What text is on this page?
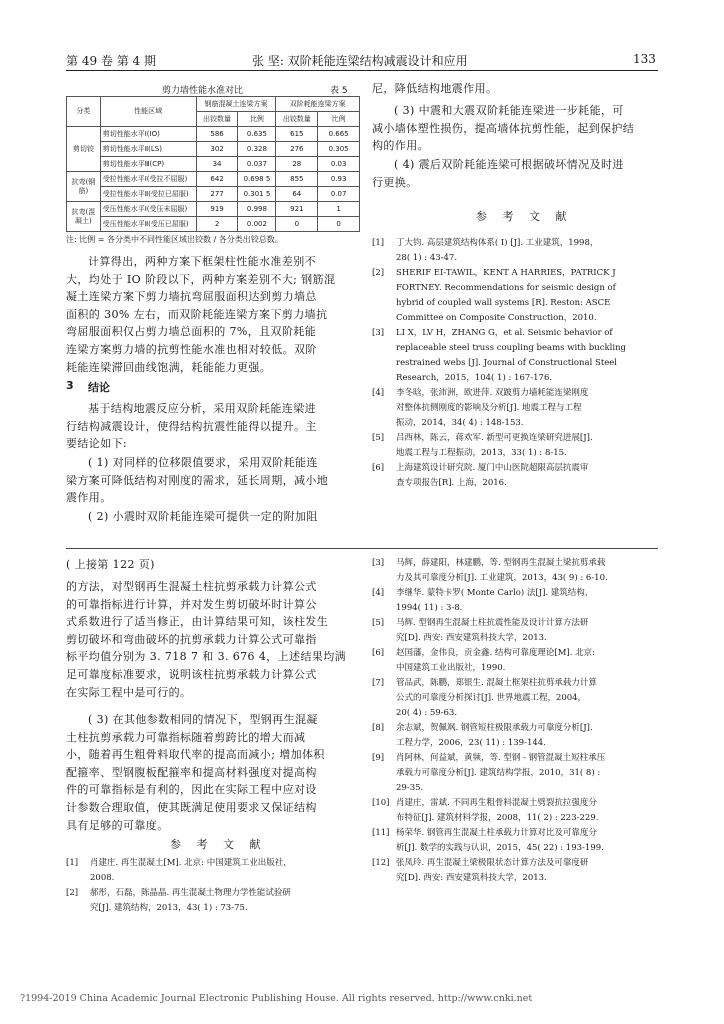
第 49 卷 第 4 期	张 坚: 双阶耗能连梁结构减震设计和应用	133
剪力墙性能水准对比	表 5
分类	性能区域	钢筋混凝土连梁方案		双阶耗能连梁方案	
		出铰数量	比例	出铰数量	比例
剪切铰	剪切性能水平Ⅰ(IO)	586	0.635	615	0.665
	剪切性能水平Ⅱ(LS)	302	0.328	276	0.305
	剪切性能水平Ⅲ(CP)	34	0.037	28	0.03
抗弯(钢筋)	受拉性能水平Ⅰ(受拉不屈服)	642	0.698 5	855	0.93
	受拉性能水平Ⅱ(受拉已屈服)	277	0.301 5	64	0.07
抗弯(混凝土)	受压性能水平Ⅰ(受压未屈服)	919	0.998	921	1
	受压性能水平Ⅱ(受压已屈服)	2	0.002	0	0
注: 比例 = 各分类中不同性能区域出铰数 / 各分类出铰总数。
计算得出，两种方案下框架柱性能水准差别不
大，均处于 IO 阶段以下，两种方案差别不大; 钢筋混
凝土连梁方案下剪力墙抗弯屈服面积达到剪力墙总
面积的 30% 左右，而双阶耗能连梁方案下剪力墙抗
弯屈服面积仅占剪力墙总面积的 7%，且双阶耗能
连梁方案剪力墙的抗剪性能水准也相对较低。双阶
耗能连梁滞回曲线饱满，耗能能力更强。
3 结论
基于结构地震反应分析，采用双阶耗能连梁进
行结构减震设计，使得结构抗震性能得以提升。主
要结论如下:
( 1) 对同样的位移限值要求，采用双阶耗能连
梁方案可降低结构对刚度的需求，延长周期，减小地
震作用。
( 2) 小震时双阶耗能连梁可提供一定的附加阻
尼，降低结构地震作用。
( 3) 中震和大震双阶耗能连梁进一步耗能，可
减小墙体塑性损伤，提高墙体抗剪性能，起到保护结
构的作用。
( 4) 震后双阶耗能连梁可根据破坏情况及时进
行更换。
参 考 文 献
[1]	丁大钧. 高层建筑结构体系( Ⅰ) [J]. 工业建筑，1998，
28( 1) : 43-47.
[2]	SHERIF EI-TAWIL，KENT A HARRIES，PATRICK J
FORTNEY. Recommendations for seismic design of
hybrid of coupled wall systems [R]. Reston: ASCE
Committee on Composite Construction，2010.
[3]	LI X，LV H，ZHANG G，et al. Seismic behavior of
replaceable steel truss coupling beams with buckling
restrained webs [J]. Journal of Constructional Steel
Research，2015，104( 1) : 167-176.
[4]	李冬晗，张沛洲，欧进萍. 双跛剪力墙耗能连梁刚度
对整体抗侧刚度的影响及分析[J]. 地震工程与工程
振动，2014，34( 4) : 148-153.
[5]	吕西林，陈云，蒋欢军. 新型可更换连梁研究进展[J].
地震工程与工程振动，2013，33( 1) : 8-15.
[6]	上海建筑设计研究院. 厦门中山医院超限高层抗震审
查专项报告[R]. 上海，2016.
( 上接第 122 页)
的方法，对型钢再生混凝土柱抗剪承载力计算公式
的可靠指标进行计算，并对发生剪切破坏时计算公
式系数进行了适当修正，由计算结果可知，该柱发生
剪切破坏和弯曲破坏的抗剪承载力计算公式可靠指
标平均值分别为 3. 718 7 和 3. 676 4，上述结果均满
足可靠度标准要求，说明该柱抗剪承载力计算公式
在实际工程中是可行的。
( 3) 在其他参数相同的情况下，型钢再生混凝
土柱抗剪承载力可靠指标随着剪跨比的增大而减
小，随着再生粗骨料取代率的提高而减小; 增加体积
配箍率、型钢腹板配箍率和提高材料强度对提高构
件的可靠指标是有利的，因此在实际工程中应对设
计参数合理取值，使其既满足使用要求又保证结构
具有足够的可靠度。
参 考 文 献
[1]	肖建庄. 再生混凝土[M]. 北京: 中国建筑工业出版社，
2008.
[2]	郝彤，石磊，陈晶晶. 再生混凝土物理力学性能试验研
究[J]. 建筑结构，2013，43( 1) : 73-75.
[3]	马辉，薛建阳，林建鹏，等. 型钢再生混凝土梁抗剪承载
力及其可靠度分析[J]. 工业建筑，2013，43( 9) : 6-10.
[4]	李继华. 蒙特卡罗( Monte Carlo) 法[J]. 建筑结构，
1994( 11) : 3-8.
[5]	马辉. 型钢再生混凝土柱抗震性能及设计计算方法研
究[D]. 西安: 西安建筑科技大学，2013.
[6]	赵国藩，金伟良，贡金鑫. 结构可靠度理论[M]. 北京:
中国建筑工业出版社，1990.
[7]	管品武，陈鹏，郑银生. 混凝土框架柱抗剪承载力计算
公式的可靠度分析探讨[J]. 世界地震工程，2004，
20( 4) : 59-63.
[8]	余志斌，贺佩飒. 钢管短柱极限承载力可靠度分析[J].
工程力学，2006，23( 11) : 139-144.
[9]	肖阿林，何益斌，黄频，等. 型钢 - 钢管混凝土短柱承压
承载力可靠度分析[J]. 建筑结构学报，2010，31( 8) :
29-35.
[10] 肖建庄，雷斌. 不同再生粗骨料混凝土劈裂抗拉强度分
布特征[J]. 建筑材料学报，2008，11( 2) : 223-229.
[11] 杨荣华. 钢管再生混凝土柱承载力计算对比及可靠度分
析[J]. 数学的实践与认识，2015，45( 22) : 193-199.
[12] 张凤玲. 再生混凝土梁极限状态计算方法及可靠度研
究[D]. 西安: 西安建筑科技大学，2013.
?1994-2019 China Academic Journal Electronic Publishing House. All rights reserved. http://www.cnki.net
